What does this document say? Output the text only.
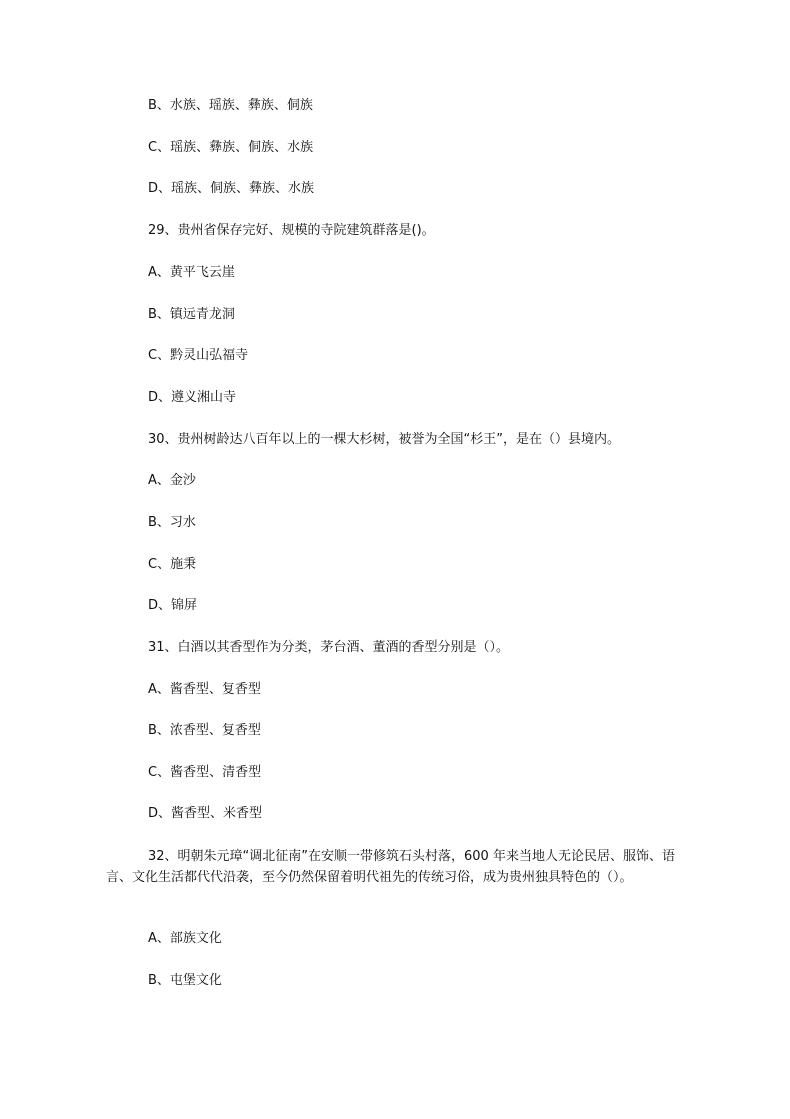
B、水族、瑶族、彝族、侗族
C、瑶族、彝族、侗族、水族
D、瑶族、侗族、彝族、水族
29、贵州省保存完好、规模的寺院建筑群落是()。
A、黄平飞云崖
B、镇远青龙洞
C、黔灵山弘福寺
D、遵义湘山寺
30、贵州树龄达八百年以上的一棵大杉树，被誉为全国“杉王”，是在（）县境内。
A、金沙
B、习水
C、施秉
D、锦屏
31、白酒以其香型作为分类，茅台酒、董酒的香型分别是（）。
A、酱香型、复香型
B、浓香型、复香型
C、酱香型、清香型
D、酱香型、米香型
32、明朝朱元璋“调北征南”在安顺一带修筑石头村落，600 年来当地人无论民居、服饰、语言、文化生活都代代沿袭，至今仍然保留着明代祖先的传统习俗，成为贵州独具特色的（）。
A、部族文化
B、屯堡文化
